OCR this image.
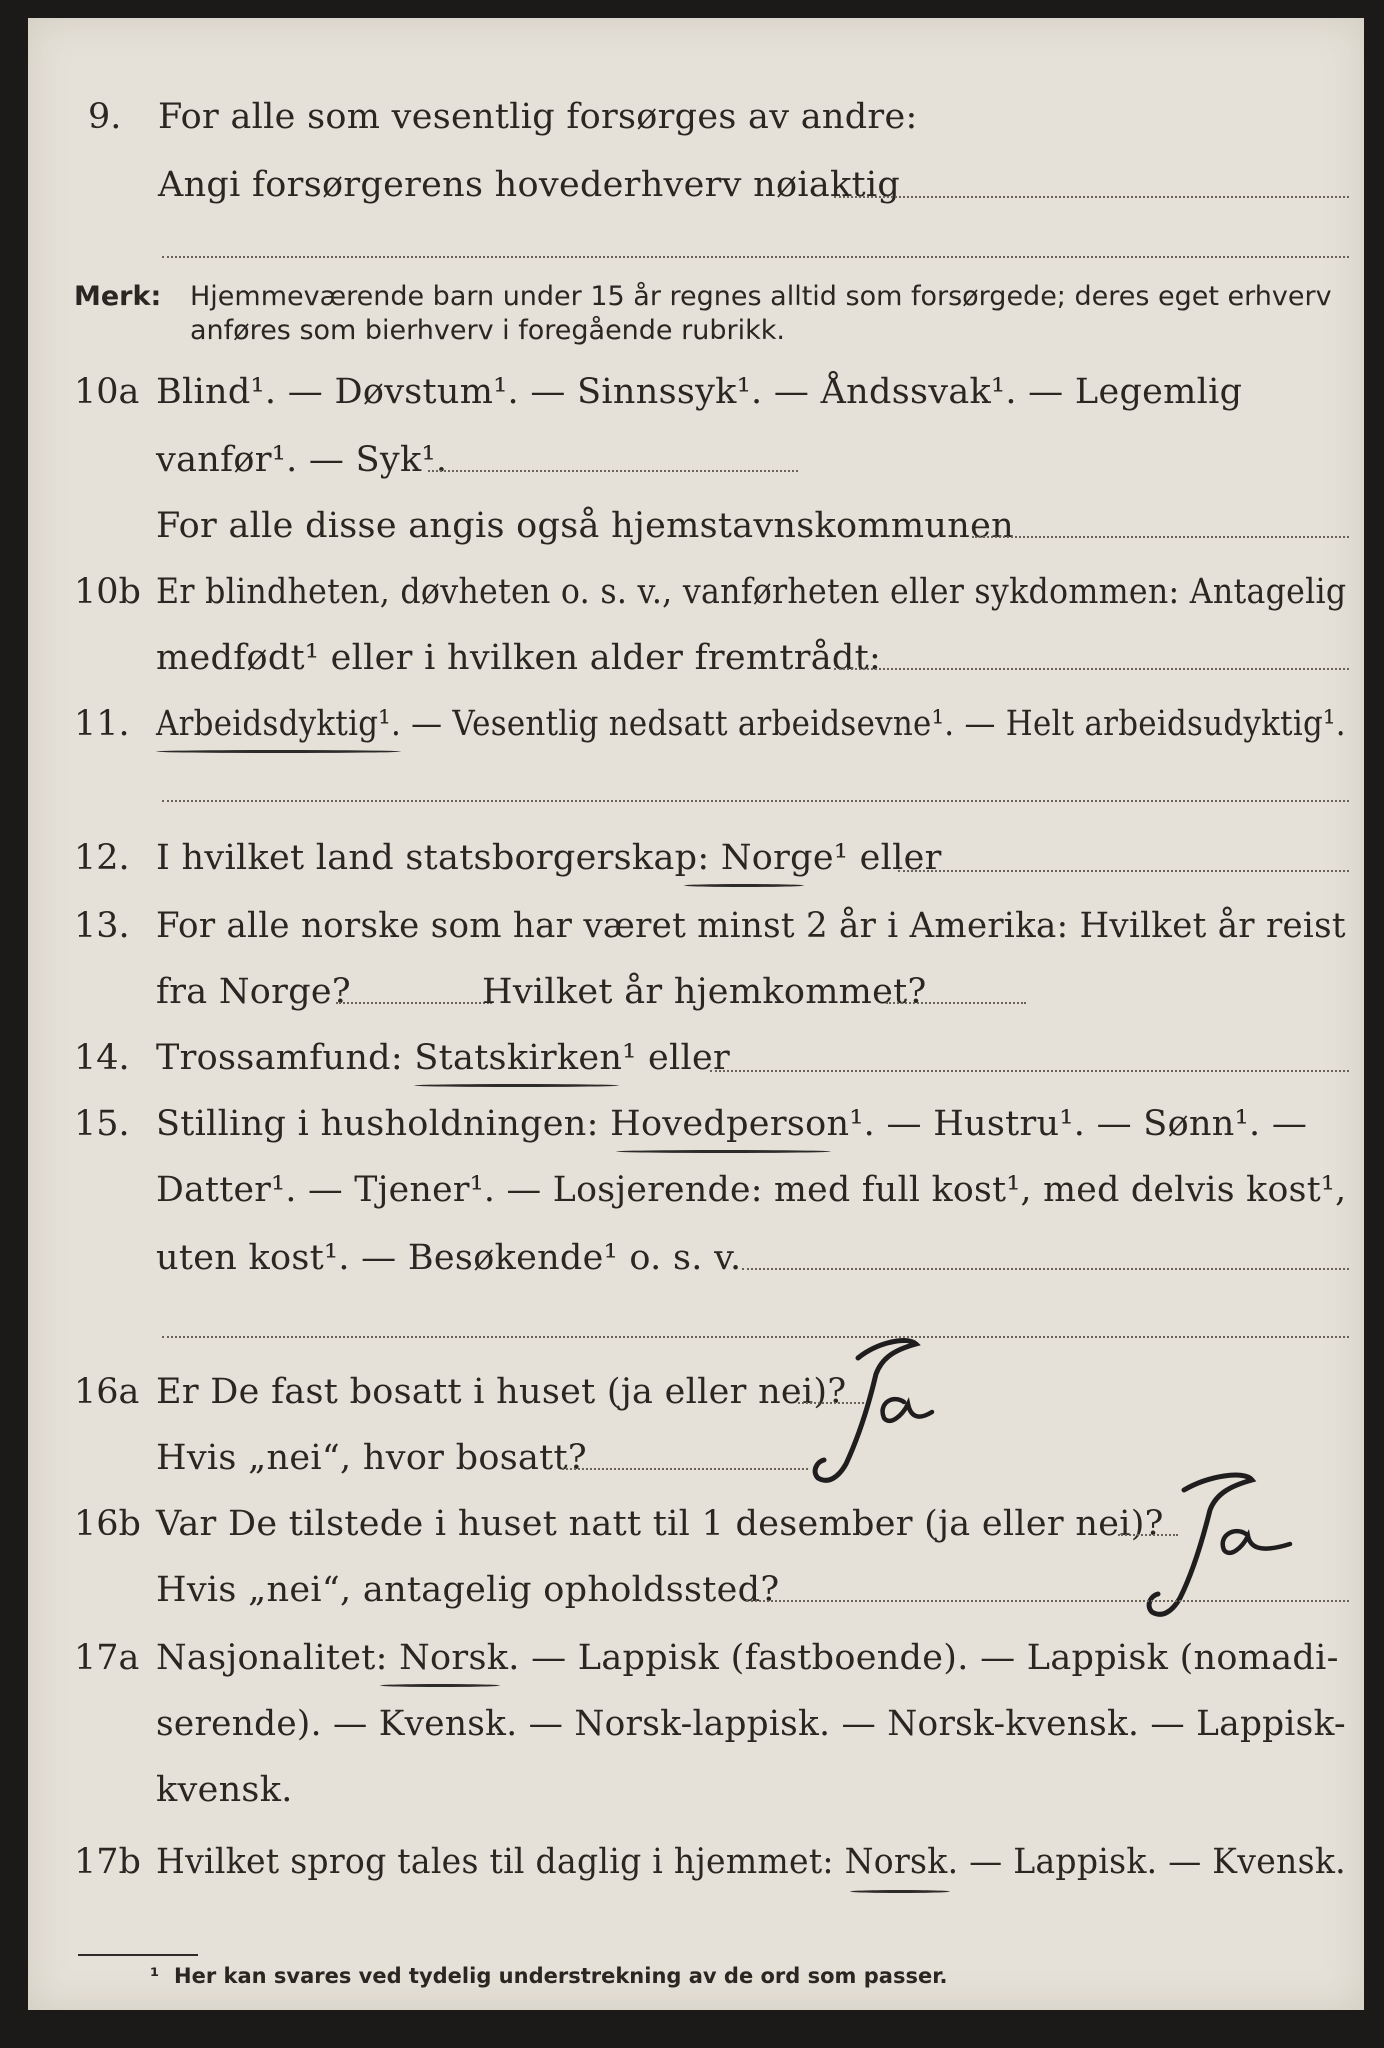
9. For alle som vesentlig forsørges av andre:
Angi forsørgerens hovederhverv nøiaktig
Merk: Hjemmeværende barn under 15 år regnes alltid som forsørgede; deres eget erhverv
anføres som bierhverv i foregående rubrikk.
10a Blind¹. — Døvstum¹. — Sinnssyk¹. — Åndssvak¹. — Legemlig
vanfør¹. — Syk¹.
For alle disse angis også hjemstavnskommunen
10b Er blindheten, døvheten o. s. v., vanførheten eller sykdommen: Antagelig
medfødt¹ eller i hvilken alder fremtrådt:
11. Arbeidsdyktig¹. — Vesentlig nedsatt arbeidsevne¹. — Helt arbeidsudyktig¹.
12. I hvilket land statsborgerskap: Norge¹ eller
13. For alle norske som har været minst 2 år i Amerika: Hvilket år reist
fra Norge?	Hvilket år hjemkommet?
14. Trossamfund: Statskirken¹ eller
15. Stilling i husholdningen: Hovedperson¹. — Hustru¹. — Sønn¹. —
Datter¹. — Tjener¹. — Losjerende: med full kost¹, med delvis kost¹,
uten kost¹. — Besøkende¹ o. s. v.
16a Er De fast bosatt i huset (ja eller nei)?
Hvis „nei“, hvor bosatt?
16b Var De tilstede i huset natt til 1 desember (ja eller nei)?
Hvis „nei“, antagelig opholdssted?
17a Nasjonalitet: Norsk. — Lappisk (fastboende). — Lappisk (nomadi-
serende). — Kvensk. — Norsk-lappisk. — Norsk-kvensk. — Lappisk-
kvensk.
17b Hvilket sprog tales til daglig i hjemmet: Norsk. — Lappisk. — Kvensk.
¹ Her kan svares ved tydelig understrekning av de ord som passer.
